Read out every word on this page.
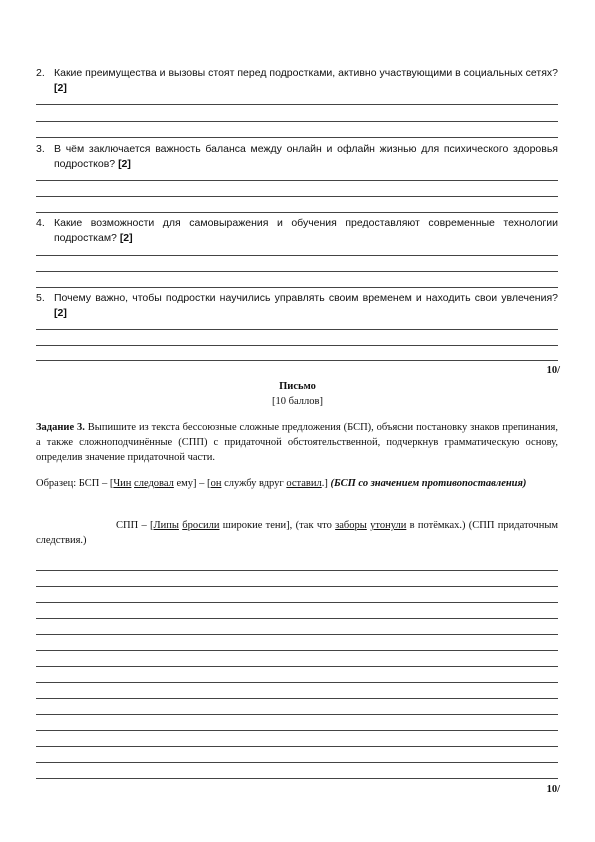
2. Какие преимущества и вызовы стоят перед подростками, активно участвующими в социальных сетях? [2]
3. В чём заключается важность баланса между онлайн и офлайн жизнью для психического здоровья подростков? [2]
4. Какие возможности для самовыражения и обучения предоставляют современные технологии подросткам? [2]
5. Почему важно, чтобы подростки научились управлять своим временем и находить свои увлечения? [2]
10/
Письмо
[10 баллов]
Задание 3. Выпишите из текста бессоюзные сложные предложения (БСП), объясни постановку знаков препинания, а также сложноподчинённые (СПП) с придаточной обстоятельственной, подчеркнув грамматическую основу, определив значение придаточной части.
Образец: БСП – [Чин следовал ему] – [он службу вдруг оставил.] (БСП со значением противопоставления)
СПП – [Липы бросили широкие тени], (так что заборы утонули в потёмках.) (СПП придаточным следствия.)
10/
